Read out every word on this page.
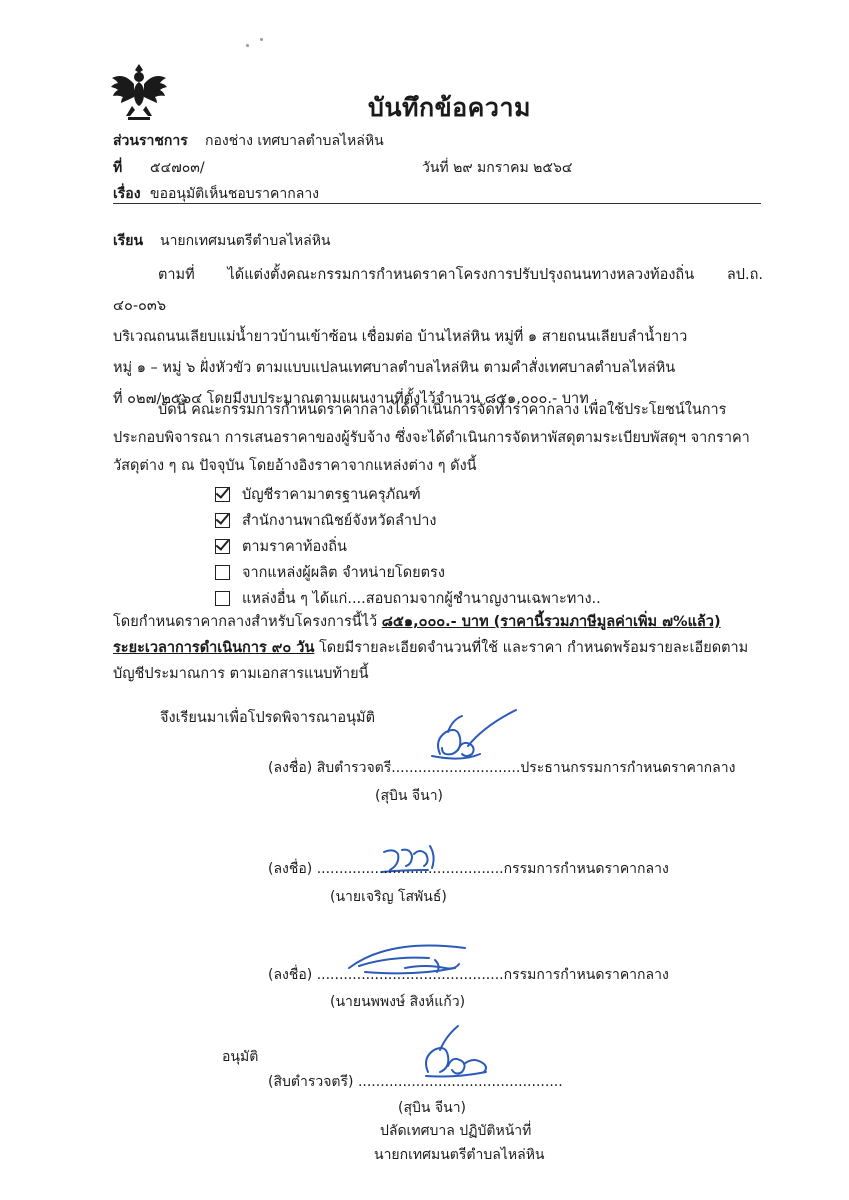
บันทึกข้อความ
ส่วนราชการ กองช่าง เทศบาลตำบลไหล่หิน
ที่ ๕๔๗๐๓/	วันที่ ๒๙ มกราคม ๒๕๖๔
เรื่อง ขออนุมัติเห็นชอบราคากลาง
เรียน นายกเทศมนตรีตำบลไหล่หิน
ตามที่ ได้แต่งตั้งคณะกรรมการกำหนดราคาโครงการปรับปรุงถนนทางหลวงท้องถิ่น ลป.ถ. ๔๐-๐๓๖
บริเวณถนนเลียบแม่น้ำยาวบ้านเข้าซ้อน เชื่อมต่อ บ้านไหล่หิน หมู่ที่ ๑ สายถนนเลียบลำน้ำยาว
หมู่ ๑ – หมู่ ๖ ฝั่งหัวขัว ตามแบบแปลนเทศบาลตำบลไหล่หิน ตามคำสั่งเทศบาลตำบลไหล่หิน
ที่ ๐๒๗/๒๕๖๔ โดยมีงบประมาณตามแผนงานที่ตั้งไว้จำนวน ๘๕๑,๐๐๐.- บาท
บัดนี้ คณะกรรมการกำหนดราคากลางได้ดำเนินการจัดทำราคากลาง เพื่อใช้ประโยชน์ในการ
ประกอบพิจารณา การเสนอราคาของผู้รับจ้าง ซึ่งจะได้ดำเนินการจัดหาพัสดุตามระเบียบพัสดุฯ จากราคา
วัสดุต่าง ๆ ณ ปัจจุบัน โดยอ้างอิงราคาจากแหล่งต่าง ๆ ดังนี้
บัญชีราคามาตรฐานครุภัณฑ์
สำนักงานพาณิชย์จังหวัดลำปาง
ตามราคาท้องถิ่น
จากแหล่งผู้ผลิต จำหน่ายโดยตรง
แหล่งอื่น ๆ ได้แก่....สอบถามจากผู้ชำนาญงานเฉพาะทาง..
โดยกำหนดราคากลางสำหรับโครงการนี้ไว้ ๘๕๑,๐๐๐.- บาท (ราคานี้รวมภาษีมูลค่าเพิ่ม ๗%แล้ว)
ระยะเวลาการดำเนินการ ๙๐ วัน โดยมีรายละเอียดจำนวนที่ใช้ และราคา กำหนดพร้อมรายละเอียดตาม
บัญชีประมาณการ ตามเอกสารแนบท้ายนี้
จึงเรียนมาเพื่อโปรดพิจารณาอนุมัติ
(ลงชื่อ) สิบตำรวจตรี.............................ประธานกรรมการกำหนดราคากลาง
(สุบิน จีนา)
(ลงชื่อ) ..........................................กรรมการกำหนดราคากลาง
(นายเจริญ โสพันธ์)
(ลงชื่อ) ..........................................กรรมการกำหนดราคากลาง
(นายนพพงษ์ สิงห์แก้ว)
อนุมัติ
(สิบตำรวจตรี) ..............................................
(สุบิน จีนา)
ปลัดเทศบาล ปฏิบัติหน้าที่
นายกเทศมนตรีตำบลไหล่หิน
